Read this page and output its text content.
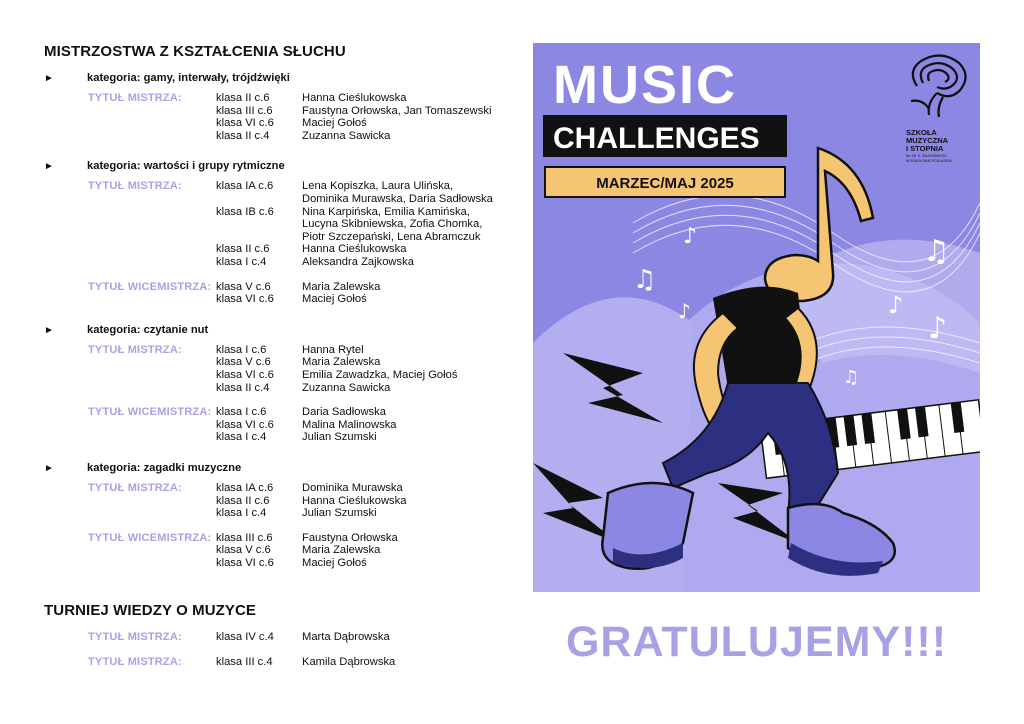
MISTRZOSTWA Z KSZTAŁCENIA SŁUCHU
►	kategoria: gamy, interwały, trójdźwięki
TYTUŁ MISTRZA:	klasa II c.6	Hanna Cieślukowska
klasa III c.6	Faustyna Orłowska, Jan Tomaszewski
klasa VI c.6	Maciej Gołoś
klasa II c.4	Zuzanna Sawicka
►	kategoria: wartości i grupy rytmiczne
TYTUŁ MISTRZA:	klasa IA c.6	Lena Kopiszka, Laura Ulińska,
Dominika Murawska, Daria Sadłowska
klasa IB c.6	Nina Karpińska, Emilia Kamińska,
Lucyna Skibniewska, Zofia Chomka,
Piotr Szczepański, Lena Abramczuk
klasa II c.6	Hanna Cieślukowska
klasa I c.4	Aleksandra Zajkowska
TYTUŁ WICEMISTRZA: klasa V c.6	Maria Zalewska
klasa VI c.6	Maciej Gołoś
►	kategoria: czytanie nut
TYTUŁ MISTRZA:	klasa I c.6	Hanna Rytel
klasa V c.6	Maria Zalewska
klasa VI c.6	Emilia Zawadzka, Maciej Gołoś
klasa II c.4	Zuzanna Sawicka
TYTUŁ WICEMISTRZA: klasa I c.6	Daria Sadłowska
klasa VI c.6	Malina Malinowska
klasa I c.4	Julian Szumski
►	kategoria: zagadki muzyczne
TYTUŁ MISTRZA:	klasa IA c.6	Dominika Murawska
klasa II c.6	Hanna Cieślukowska
klasa I c.4	Julian Szumski
TYTUŁ WICEMISTRZA: klasa III c.6	Faustyna Orłowska
klasa V c.6	Maria Zalewska
klasa VI c.6	Maciej Gołoś
TURNIEJ WIEDZY O MUZYCE
TYTUŁ MISTRZA:	klasa IV c.4	Marta Dąbrowska
TYTUŁ MISTRZA:	klasa III c.4	Kamila Dąbrowska
♪
♫
♪
♫
♪
♪
♫
MUSIC
CHALLENGES
MARZEC/MAJ 2025
SZKOŁA
MUZYCZNA
I STOPNIA
IM. KS. K. ZALEWSKIEGO
W SOKOŁOWIE PODLASKIM
GRATULUJEMY!!!
